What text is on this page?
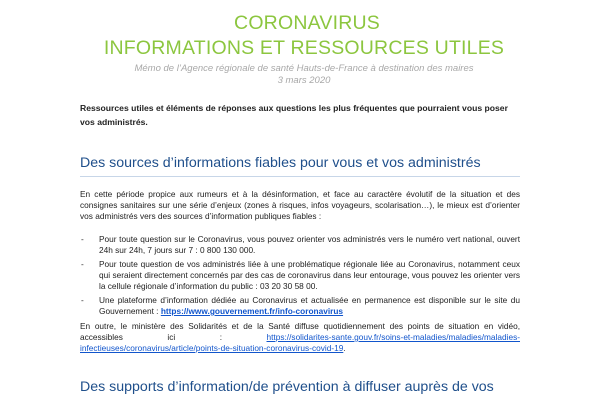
CORONAVIRUS
INFORMATIONS ET RESSOURCES UTILES
Mémo de l’Agence régionale de santé Hauts-de-France à destination des maires
3 mars 2020
Ressources utiles et éléments de réponses aux questions les plus fréquentes que pourraient vous poser vos administrés.
Des sources d’informations fiables pour vous et vos administrés
En cette période propice aux rumeurs et à la désinformation, et face au caractère évolutif de la situation et des consignes sanitaires sur une série d’enjeux (zones à risques, infos voyageurs, scolarisation…), le mieux est d’orienter vos administrés vers des sources d’information publiques fiables :
- Pour toute question sur le Coronavirus, vous pouvez orienter vos administrés vers le numéro vert national, ouvert 24h sur 24h, 7 jours sur 7 : 0 800 130 000.
- Pour toute question de vos administrés liée à une problématique régionale liée au Coronavirus, notamment ceux qui seraient directement concernés par des cas de coronavirus dans leur entourage, vous pouvez les orienter vers la cellule régionale d’information du public : 03 20 30 58 00.
- Une plateforme d’information dédiée au Coronavirus et actualisée en permanence est disponible sur le site du Gouvernement : https://www.gouvernement.fr/info-coronavirus
En outre, le ministère des Solidarités et de la Santé diffuse quotidiennement des points de situation en vidéo, accessibles ici : https://solidarites-sante.gouv.fr/soins-et-maladies/maladies/maladies-infectieuses/coronavirus/article/points-de-situation-coronavirus-covid-19.
Des supports d’information/de prévention à diffuser auprès de vos
